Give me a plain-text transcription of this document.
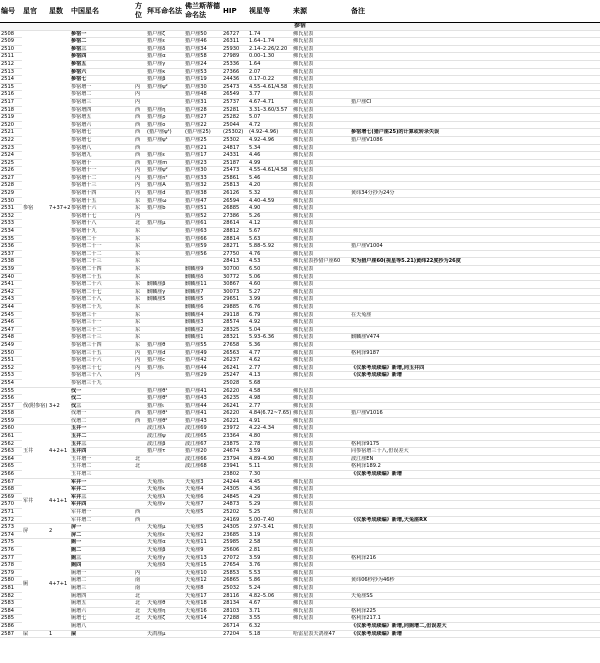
编号	星官	星数	中国星名	方位	拜耳命名法	佛兰斯蒂德命名法	HIP	视星等	来源	备注
参宿										
2508	参宿	7+37+2	参宿一		猎户座ζ	猎户座50	26727	1.74	佛氏星表	
2509			参宿二		猎户座ε	猎户座46	26311	1.64–1.74	佛氏星表	
2510			参宿三		猎户座δ	猎户座34	25930	2.14–2.26/2.20	佛氏星表	
2511			参宿四		猎户座α	猎户座58	27989	0.00–1.30	佛氏星表	
2512			参宿五		猎户座γ	猎户座24	25336	1.64	佛氏星表	
2513			参宿六		猎户座κ	猎户座53	27366	2.07	佛氏星表	
2514			参宿七		猎户座β	猎户座19	24436	0.17–0.22	佛氏星表	
2515			参宿增一	内	猎户座ψ²	猎户座30	25473	4.55–4.61/4.58	佛氏星表	
2516			参宿增二	内		猎户座48	26549	3.77	佛氏星表	
2517			参宿增三	内		猎户座31	25737	4.67–4.71	佛氏星表	猎户座CI
2518			参宿增四	西	猎户座η	猎户座28	25281	3.31–3.60/3.57	佛氏星表	
2519			参宿增五	西	猎户座ρ	猎户座27	25282	5.07	佛氏星表	
2520			参宿增六	西	猎户座ο	猎户座22	25044	4.72	佛氏星表	
2521			参宿增七	西	(猎户座ψ¹)	(猎户座25)	(25302)	(4.92–4.96)	佛氏星表	参宿增七(猎户座25)的计算或转录失误
2522			参宿增七	西	猎户座ψ¹	猎户座25	25302	4.92–4.96	佛氏星表	猎户座V1086
2523			参宿增八	西		猎户座21	24817	5.34	佛氏星表	
2524			参宿增九	西	猎户座ε	猎户座17	24331	4.46	佛氏星表	
2525			参宿增十	西	猎户座m	猎户座23	25187	4.99	佛氏星表	
2526			参宿增十一	内	猎户座ψ²	猎户座30	25473	4.55–4.61/4.58	佛氏星表	
2527			参宿增十二	内	猎户座n²	猎户座33	25861	5.46	佛氏星表	
2528			参宿增十三	内	猎户座A	猎户座32	25813	4.20	佛氏星表	
2529			参宿增十四	内	猎户座d	猎户座38	26126	5.32	佛氏星表	黄纬34分抄为24分
2530			参宿增十五	东	猎户座ω	猎户座47	26594	4.40–4.59	佛氏星表	
2531			参宿增十六	东	猎户座b	猎户座51	26885	4.90	佛氏星表	
2532			参宿增十七	内		猎户座52	27386	5.26	佛氏星表	
2533			参宿增十八	北	猎户座μ	猎户座61	28614	4.12	佛氏星表	
2534			参宿增十九	东		猎户座63	28812	5.67	佛氏星表	
2535			参宿增二十	东		猎户座66	28814	5.63	佛氏星表	
2536			参宿增二十一	东		猎户座59	28271	5.88–5.92	佛氏星表	猎户座V1004
2537			参宿增二十二	东		猎户座56	27750	4.76	佛氏星表	
2538			参宿增二十三	东			28413	4.53	佛氏星表抄猎户座60	实为猎户座60(视星等5.21)黄纬22度抄为26度
2539			参宿增二十四	东		麒麟座9	30700	6.50	佛氏星表	
2540			参宿增二十五	东		麒麟座δ	30772	5.06	佛氏星表	
2541			参宿增二十六	东	麒麟座β	麒麟座11	30867	4.60	佛氏星表	
2542			参宿增二十七	东	麒麟座γ	麒麟座7	30073	5.27	佛氏星表	
2543			参宿增二十八	东	麒麟座5	麒麟座5	29651	3.99	佛氏星表	
2544			参宿增二十九	东		麒麟座6	29885	6.76	佛氏星表	
2545			参宿增三十	东		麒麟座4	29118	6.79	佛氏星表	在天兔座
2546			参宿增三十一	东		麒麟座3	28574	4.92	佛氏星表	
2547			参宿增三十二	东		麒麟座2	28325	5.04	佛氏星表	
2548			参宿增三十三	东		麒麟座1	28321	5.93–6.36	佛氏星表	麒麟座V474
2549			参宿增三十四	东	猎户座θ	猎户座55	27658	5.36	佛氏星表	
2550			参宿增三十五	内	猎户座d	猎户座49	26563	4.77	佛氏星表	格利泽9187
2551			参宿增三十六	内	猎户座c	猎户座42	26237	4.62	佛氏星表	
2552			参宿增三十七	内	猎户座ι	猎户座44	26241	2.77	佛氏星表	《仪象考成续编》新增,同玉井四
2553			参宿增三十八	内		猎户座29	25247	4.13	佛氏星表	《仪象考成续编》新增
2554			参宿增三十九				25028	5.68		
2555	伐(附参宿)	3+2	伐一		猎户座θ¹	猎户座41	26220	4.58	佛氏星表	
2556			伐二		猎户座θ²	猎户座43	26235	4.98	佛氏星表	
2557			伐三		猎户座ι	猎户座44	26241	2.77	佛氏星表	
2558			伐增一	西	猎户座θ¹	猎户座41	26220	4.84(6.72~7.65)	佛氏星表	猎户座V1016
2559			伐增二	西	猎户座θ²	猎户座43	26221	4.91	佛氏星表	
2560	玉井	4+2+1	玉井一		波江座λ	波江座69	23972	4.22–4.34	佛氏星表	
2561			玉井二		波江座ψ	波江座65	23364	4.80	佛氏星表	
2562			玉井三		波江座β	波江座67	23875	2.78	佛氏星表	格利泽9175
2563			玉井四		猎户座τ	猎户座20	24674	3.59	佛氏星表	同参宿增三十八,但误差大
2564			玉井增一	北		波江座66	23794	4.89–4.90	佛氏星表	波江座EN
2565			玉井增二	北		波江座68	23941	5.11	佛氏星表	格利泽189.2
2566			玉井增三				23802	7.30		《仪象考成续编》新增
2567	军井	4+1+1	军井一		天兔座ι	天兔座3	24244	4.45	佛氏星表	
2568			军井二		天兔座κ	天兔座4	24305	4.36	佛氏星表	
2569			军井三		天兔座λ	天兔座6	24845	4.29	佛氏星表	
2570			军井四		天兔座ν	天兔座7	24873	5.29	佛氏星表	
2571			军井增一	西		天兔座5	25202	5.25	佛氏星表	
2572			军井增二	西			24169	5.00–7.40		《仪象考成续编》新增,天兔座RX
2573	屏	2	屏一		天兔座μ	天兔座5	24305	2.97–3.41	佛氏星表	
2574			屏二		天兔座ε	天兔座2	23685	3.19	佛氏星表	
2575	厕	4+7+1	厕一		天兔座α	天兔座11	25985	2.58	佛氏星表	
2576			厕二		天兔座β	天兔座9	25606	2.81	佛氏星表	
2577			厕三		天兔座γ	天兔座13	27072	3.59	佛氏星表	格利泽216
2578			厕四		天兔座δ	天兔座15	27654	3.76	佛氏星表	
2579			厕增一	内		天兔座10	25853	5.53	佛氏星表	
2580			厕增二	南		天兔座12	26865	5.86	佛氏星表	黄纬06秒抄为46秒
2581			厕增三	南		天兔座8	25032	5.24	佛氏星表	
2582			厕增四	北		天兔座17	28116	4.82–5.06	佛氏星表	天兔座SS
2583			厕增五	北	天兔座θ	天兔座18	28134	4.67	佛氏星表	
2584			厕增六	北	天兔座η	天兔座16	28103	3.71	佛氏星表	格利泽225
2585			厕增七	北	天兔座ζ	天兔座14	27288	3.55	佛氏星表	格利泽217.1
2586			厕增八				26714	6.32		《仪象考成续编》新增,同厕增二,但误差大
2587	屎	1	屎		天鸽座μ		27204	5.18	哈雷星表天鸽座47	《仪象考成续编》新增
